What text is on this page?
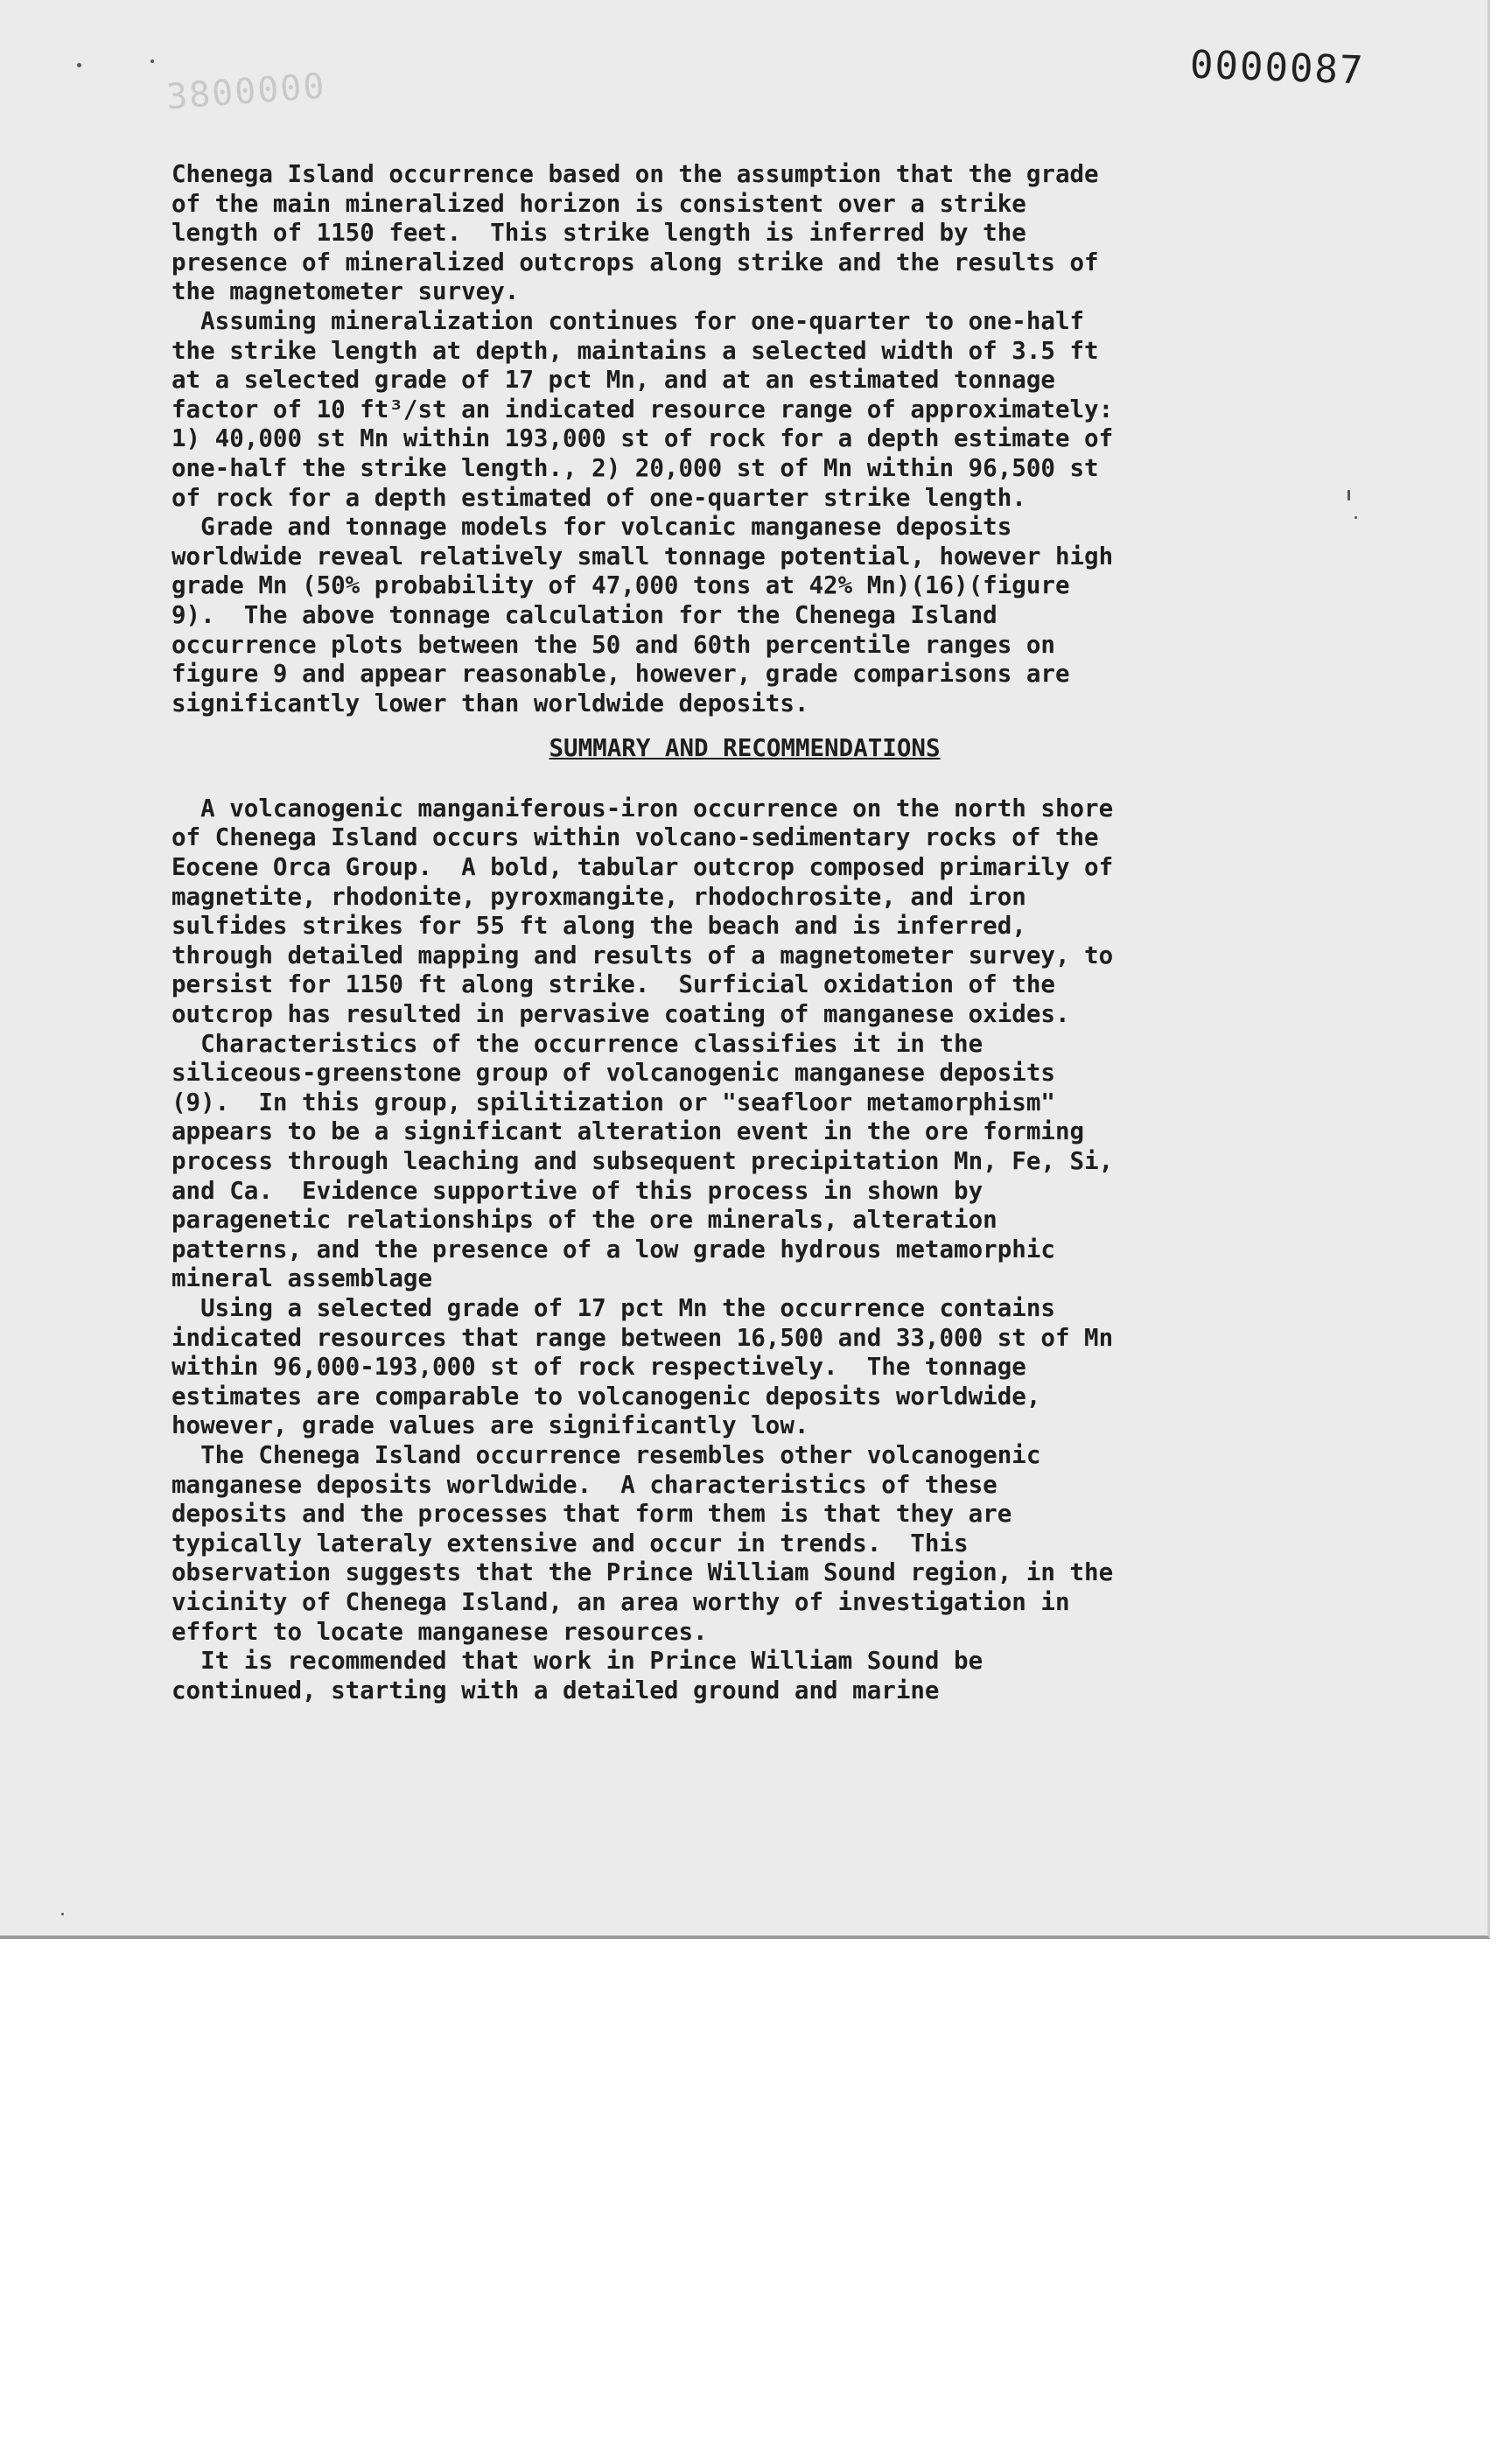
3800000	0000087
Chenega Island occurrence based on the assumption that the grade
of the main mineralized horizon is consistent over a strike
length of 1150 feet.  This strike length is inferred by the
presence of mineralized outcrops along strike and the results of
the magnetometer survey.
Assuming mineralization continues for one-quarter to one-half
the strike length at depth, maintains a selected width of 3.5 ft
at a selected grade of 17 pct Mn, and at an estimated tonnage
factor of 10 ft³/st an indicated resource range of approximately:
1) 40,000 st Mn within 193,000 st of rock for a depth estimate of
one-half the strike length., 2) 20,000 st of Mn within 96,500 st
of rock for a depth estimated of one-quarter strike length.
Grade and tonnage models for volcanic manganese deposits
worldwide reveal relatively small tonnage potential, however high
grade Mn (50% probability of 47,000 tons at 42% Mn)(16)(figure
9).  The above tonnage calculation for the Chenega Island
occurrence plots between the 50 and 60th percentile ranges on
figure 9 and appear reasonable, however, grade comparisons are
significantly lower than worldwide deposits.
SUMMARY AND RECOMMENDATIONS
A volcanogenic manganiferous-iron occurrence on the north shore
of Chenega Island occurs within volcano-sedimentary rocks of the
Eocene Orca Group.  A bold, tabular outcrop composed primarily of
magnetite, rhodonite, pyroxmangite, rhodochrosite, and iron
sulfides strikes for 55 ft along the beach and is inferred,
through detailed mapping and results of a magnetometer survey, to
persist for 1150 ft along strike.  Surficial oxidation of the
outcrop has resulted in pervasive coating of manganese oxides.
Characteristics of the occurrence classifies it in the
siliceous-greenstone group of volcanogenic manganese deposits
(9).  In this group, spilitization or "seafloor metamorphism"
appears to be a significant alteration event in the ore forming
process through leaching and subsequent precipitation Mn, Fe, Si,
and Ca.  Evidence supportive of this process in shown by
paragenetic relationships of the ore minerals, alteration
patterns, and the presence of a low grade hydrous metamorphic
mineral assemblage
Using a selected grade of 17 pct Mn the occurrence contains
indicated resources that range between 16,500 and 33,000 st of Mn
within 96,000-193,000 st of rock respectively.  The tonnage
estimates are comparable to volcanogenic deposits worldwide,
however, grade values are significantly low.
The Chenega Island occurrence resembles other volcanogenic
manganese deposits worldwide.  A characteristics of these
deposits and the processes that form them is that they are
typically lateraly extensive and occur in trends.  This
observation suggests that the Prince William Sound region, in the
vicinity of Chenega Island, an area worthy of investigation in
effort to locate manganese resources.
It is recommended that work in Prince William Sound be
continued, starting with a detailed ground and marine
